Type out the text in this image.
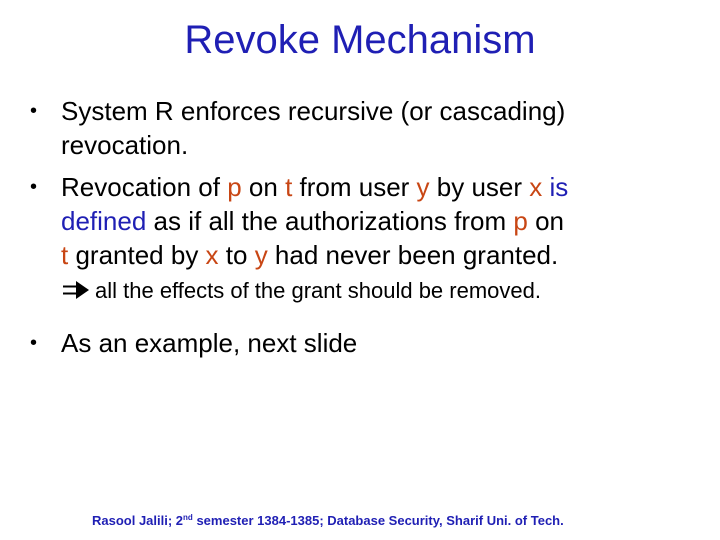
Revoke Mechanism
• System R enforces recursive (or cascading)
revocation.
• Revocation of p on t from user y by user x is
defined as if all the authorizations from p on
t granted by x to y had never been granted.
all the effects of the grant should be removed.
• As an example, next slide
Rasool Jalili; 2nd semester 1384-1385; Database Security, Sharif Uni. of Tech.
